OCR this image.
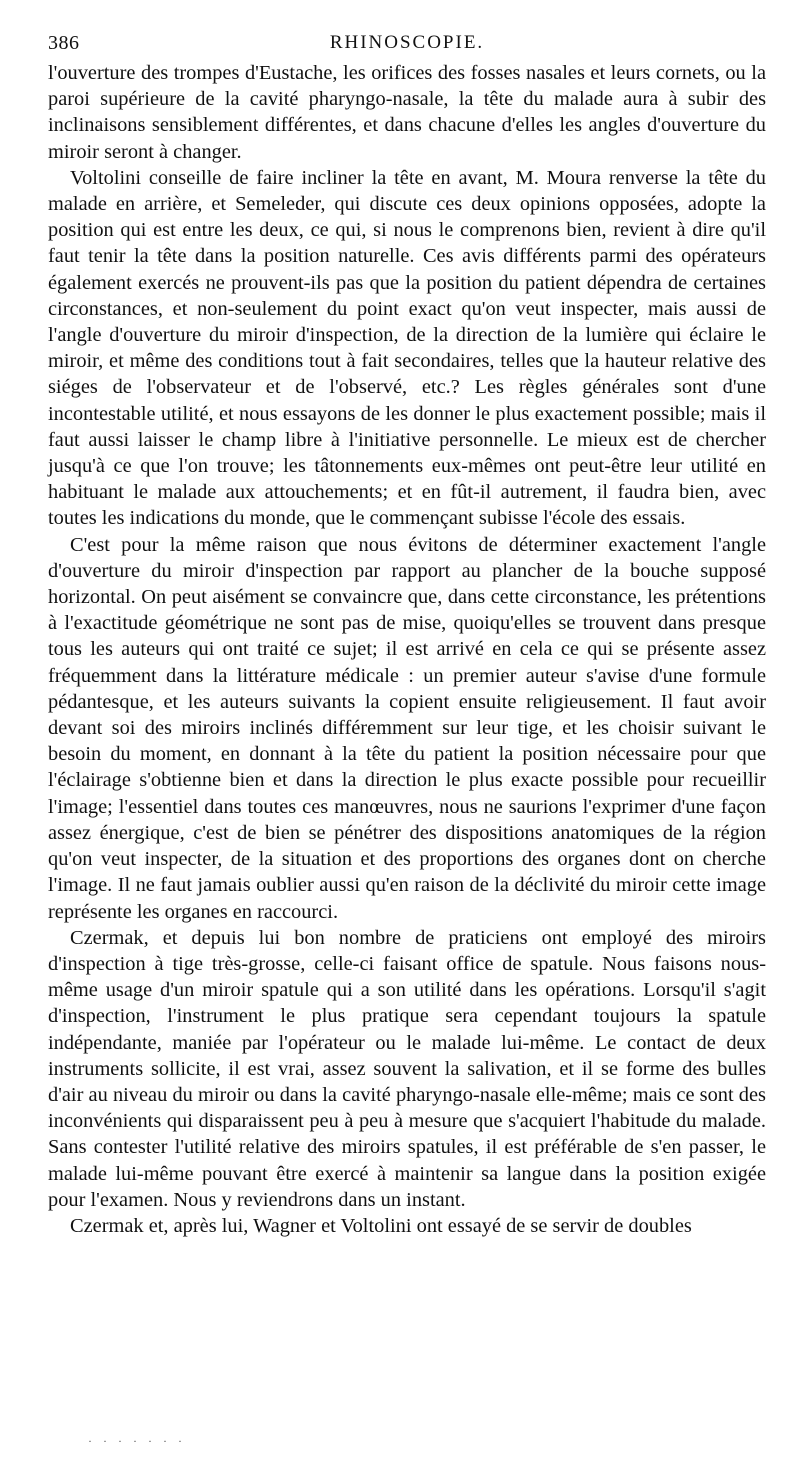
386	RHINOSCOPIE.

l'ouverture des trompes d'Eustache, les orifices des fosses nasales et leurs cornets, ou la paroi supérieure de la cavité pharyngo-nasale, la tête du malade aura à subir des inclinaisons sensiblement différentes, et dans chacune d'elles les angles d'ouverture du miroir seront à changer.

Voltolini conseille de faire incliner la tête en avant, M. Moura renverse la tête du malade en arrière, et Semeleder, qui discute ces deux opinions opposées, adopte la position qui est entre les deux, ce qui, si nous le comprenons bien, revient à dire qu'il faut tenir la tête dans la position naturelle. Ces avis différents parmi des opérateurs également exercés ne prouvent-ils pas que la position du patient dépendra de certaines circonstances, et non-seulement du point exact qu'on veut inspecter, mais aussi de l'angle d'ouverture du miroir d'inspection, de la direction de la lumière qui éclaire le miroir, et même des conditions tout à fait secondaires, telles que la hauteur relative des siéges de l'observateur et de l'observé, etc.? Les règles générales sont d'une incontestable utilité, et nous essayons de les donner le plus exactement possible; mais il faut aussi laisser le champ libre à l'initiative personnelle. Le mieux est de chercher jusqu'à ce que l'on trouve; les tâtonnements eux-mêmes ont peut-être leur utilité en habituant le malade aux attouchements; et en fût-il autrement, il faudra bien, avec toutes les indications du monde, que le commençant subisse l'école des essais.

C'est pour la même raison que nous évitons de déterminer exactement l'angle d'ouverture du miroir d'inspection par rapport au plancher de la bouche supposé horizontal. On peut aisément se convaincre que, dans cette circonstance, les prétentions à l'exactitude géométrique ne sont pas de mise, quoiqu'elles se trouvent dans presque tous les auteurs qui ont traité ce sujet; il est arrivé en cela ce qui se présente assez fréquemment dans la littérature médicale : un premier auteur s'avise d'une formule pédantesque, et les auteurs suivants la copient ensuite religieusement. Il faut avoir devant soi des miroirs inclinés différemment sur leur tige, et les choisir suivant le besoin du moment, en donnant à la tête du patient la position nécessaire pour que l'éclairage s'obtienne bien et dans la direction le plus exacte possible pour recueillir l'image; l'essentiel dans toutes ces manœuvres, nous ne saurions l'exprimer d'une façon assez énergique, c'est de bien se pénétrer des dispositions anatomiques de la région qu'on veut inspecter, de la situation et des proportions des organes dont on cherche l'image. Il ne faut jamais oublier aussi qu'en raison de la déclivité du miroir cette image représente les organes en raccourci.

Czermak, et depuis lui bon nombre de praticiens ont employé des miroirs d'inspection à tige très-grosse, celle-ci faisant office de spatule. Nous faisons nous-même usage d'un miroir spatule qui a son utilité dans les opérations. Lorsqu'il s'agit d'inspection, l'instrument le plus pratique sera cependant toujours la spatule indépendante, maniée par l'opérateur ou le malade lui-même. Le contact de deux instruments sollicite, il est vrai, assez souvent la salivation, et il se forme des bulles d'air au niveau du miroir ou dans la cavité pharyngo-nasale elle-même; mais ce sont des inconvénients qui disparaissent peu à peu à mesure que s'acquiert l'habitude du malade. Sans contester l'utilité relative des miroirs spatules, il est préférable de s'en passer, le malade lui-même pouvant être exercé à maintenir sa langue dans la position exigée pour l'examen. Nous y reviendrons dans un instant.

Czermak et, après lui, Wagner et Voltolini ont essayé de se servir de doubles

· · · · · · ·
